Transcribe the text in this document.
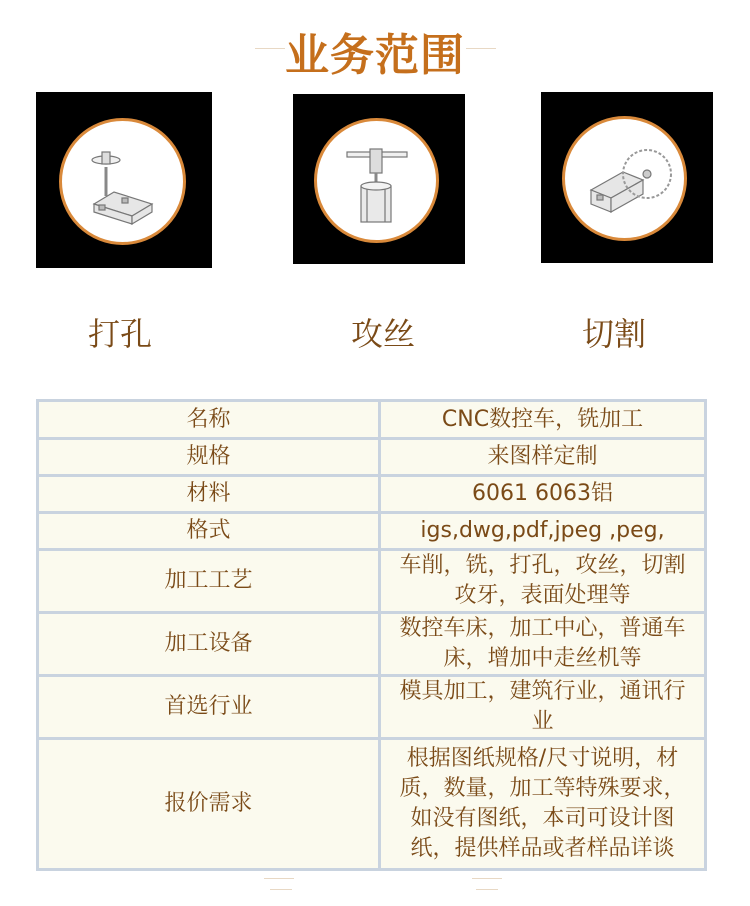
业务范围
打孔	攻丝	切割
名称	CNC数控车，铣加工

规格	来图样定制

材料	6061 6063铝

格式	igs,dwg,pdf,jpeg ,peg,

加工工艺	车削，铣，打孔，攻丝，切割
攻牙，表面处理等

加工设备	数控车床，加工中心，普通车
床，增加中走丝机等

首选行业	模具加工，建筑行业，通讯行
业

报价需求	根据图纸规格/尺寸说明，材
质，数量，加工等特殊要求，
如没有图纸，本司可设计图
纸，提供样品或者样品详谈
